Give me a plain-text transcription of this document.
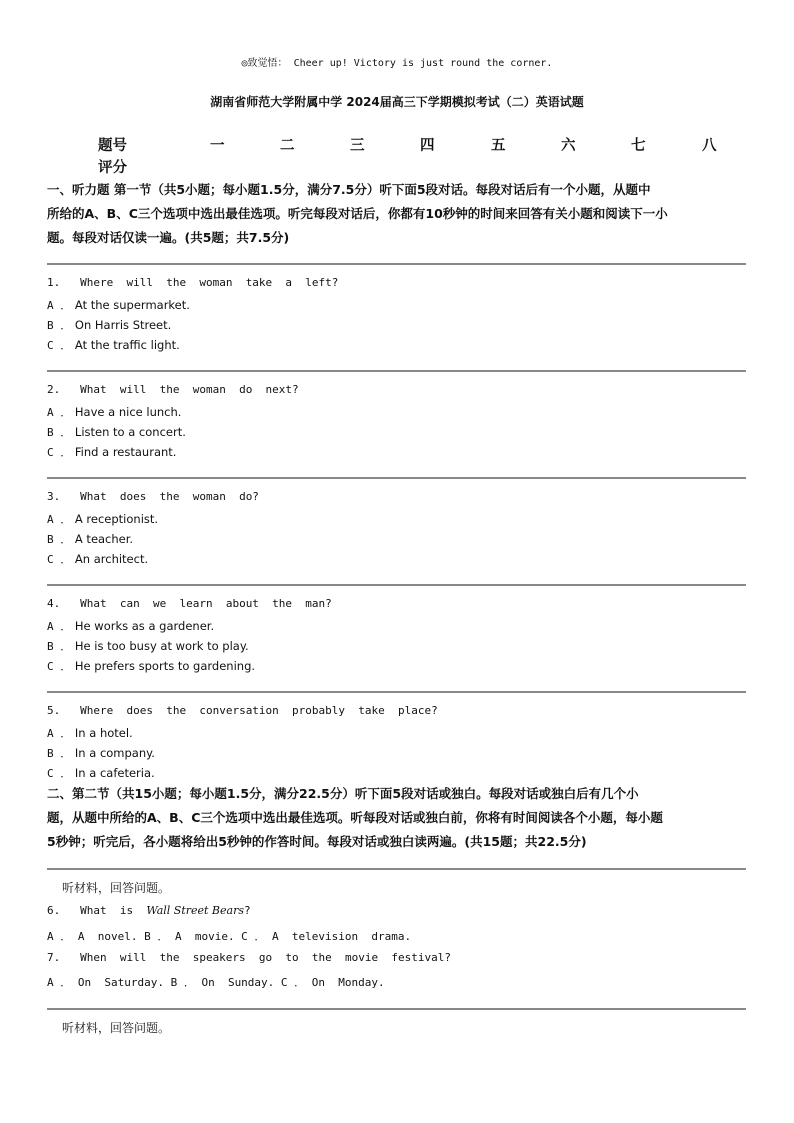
◎致觉悟： Cheer up! Victory is just round the corner.
湖南省师范大学附属中学 2024届高三下学期模拟考试（二）英语试题
题号	一	二	三	四	五	六	七	八
评分
一、听力题 第一节（共5小题；每小题1.5分，满分7.5分）听下面5段对话。每段对话后有一个小题，从题中
所给的A、B、C三个选项中选出最佳选项。听完每段对话后，你都有10秒钟的时间来回答有关小题和阅读下一小
题。每段对话仅读一遍。(共5题；共7.5分)
1. Where  will  the  woman  take  a  left?
A ． At the supermarket.
B ． On Harris Street.
C ． At the traffic light.
2. What  will  the  woman  do  next?
A ． Have a nice lunch.
B ． Listen to a concert.
C ． Find a restaurant.
3. What  does  the  woman  do?
A ． A receptionist.
B ． A teacher.
C ． An architect.
4. What  can  we  learn  about  the  man?
A ． He works as a gardener.
B ． He is too busy at work to play.
C ． He prefers sports to gardening.
5. Where  does  the  conversation  probably  take  place?
A ． In a hotel.
B ． In a company.
C ． In a cafeteria.
二、第二节（共15小题；每小题1.5分，满分22.5分）听下面5段对话或独白。每段对话或独白后有几个小
题，从题中所给的A、B、C三个选项中选出最佳选项。听每段对话或独白前，你将有时间阅读各个小题，每小题
5秒钟；听完后，各小题将给出5秒钟的作答时间。每段对话或独白读两遍。(共15题；共22.5分)
听材料，回答问题。
6.   What  is  Wall Street Bears?
A ． A  novel. B ． A  movie. C ． A  television  drama.
7.   When  will  the  speakers  go  to  the  movie  festival?
A ． On  Saturday. B ． On  Sunday. C ． On  Monday.
听材料，回答问题。
